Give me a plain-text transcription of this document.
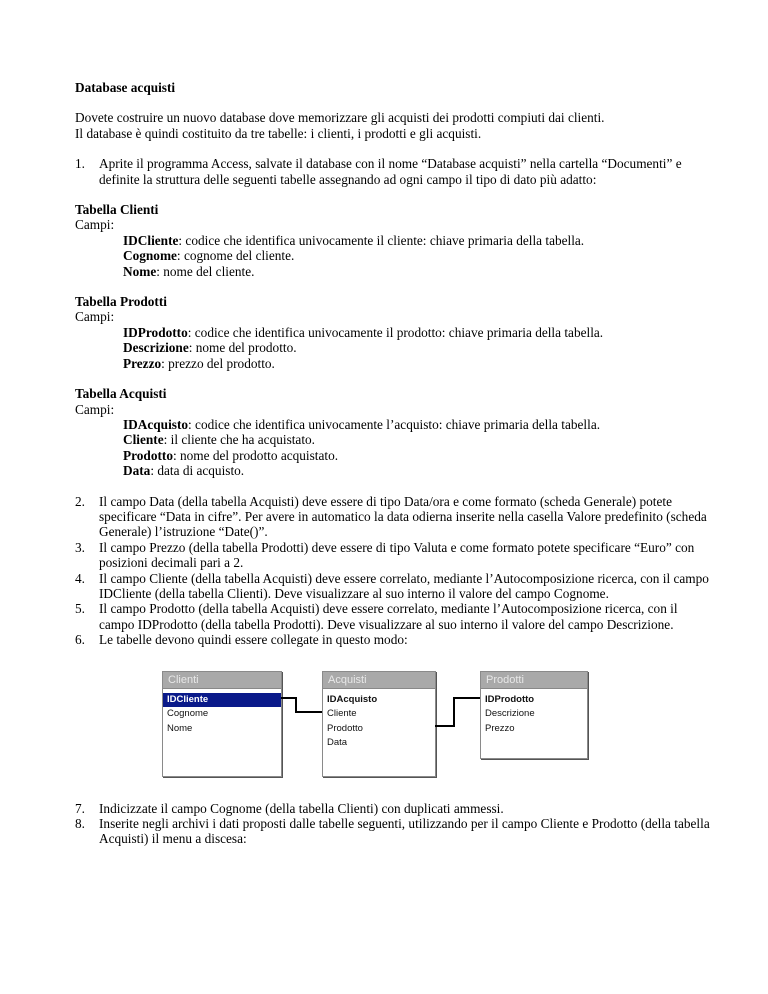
Database acquisti

Dovete costruire un nuovo database dove memorizzare gli acquisti dei prodotti compiuti dai clienti.

Il database è quindi costituito da tre tabelle: i clienti, i prodotti e gli acquisti.

1. Aprite il programma Access, salvate il database con il nome “Database acquisti” nella cartella “Documenti” e definite la struttura delle seguenti tabelle assegnando ad ogni campo il tipo di dato più adatto:

Tabella Clienti

Campi:

IDCliente: codice che identifica univocamente il cliente: chiave primaria della tabella.

Cognome: cognome del cliente.

Nome: nome del cliente.

Tabella Prodotti

Campi:

IDProdotto: codice che identifica univocamente il prodotto: chiave primaria della tabella.

Descrizione: nome del prodotto.

Prezzo: prezzo del prodotto.

Tabella Acquisti

Campi:

IDAcquisto: codice che identifica univocamente l’acquisto: chiave primaria della tabella.

Cliente: il cliente che ha acquistato.

Prodotto: nome del prodotto acquistato.

Data: data di acquisto.

2. Il campo Data (della tabella Acquisti) deve essere di tipo Data/ora e come formato (scheda Generale) potete specificare “Data in cifre”. Per avere in automatico la data odierna inserite nella casella Valore predefinito (scheda Generale) l’istruzione “Date()”.

3. Il campo Prezzo (della tabella Prodotti) deve essere di tipo Valuta e come formato potete specificare “Euro” con posizioni decimali pari a 2.

4. Il campo Cliente (della tabella Acquisti) deve essere correlato, mediante l’Autocomposizione ricerca, con il campo IDCliente (della tabella Clienti). Deve visualizzare al suo interno il valore del campo Cognome.

5. Il campo Prodotto (della tabella Acquisti) deve essere correlato, mediante l’Autocomposizione ricerca, con il campo IDProdotto (della tabella Prodotti). Deve visualizzare al suo interno il valore del campo Descrizione.

6. Le tabelle devono quindi essere collegate in questo modo:

Clienti
IDCliente
Cognome
Nome
Acquisti
IDAcquisto
Cliente
Prodotto
Data
Prodotti
IDProdotto
Descrizione
Prezzo
7. Indicizzate il campo Cognome (della tabella Clienti) con duplicati ammessi.

8. Inserite negli archivi i dati proposti dalle tabelle seguenti, utilizzando per il campo Cliente e Prodotto (della tabella Acquisti) il menu a discesa:
